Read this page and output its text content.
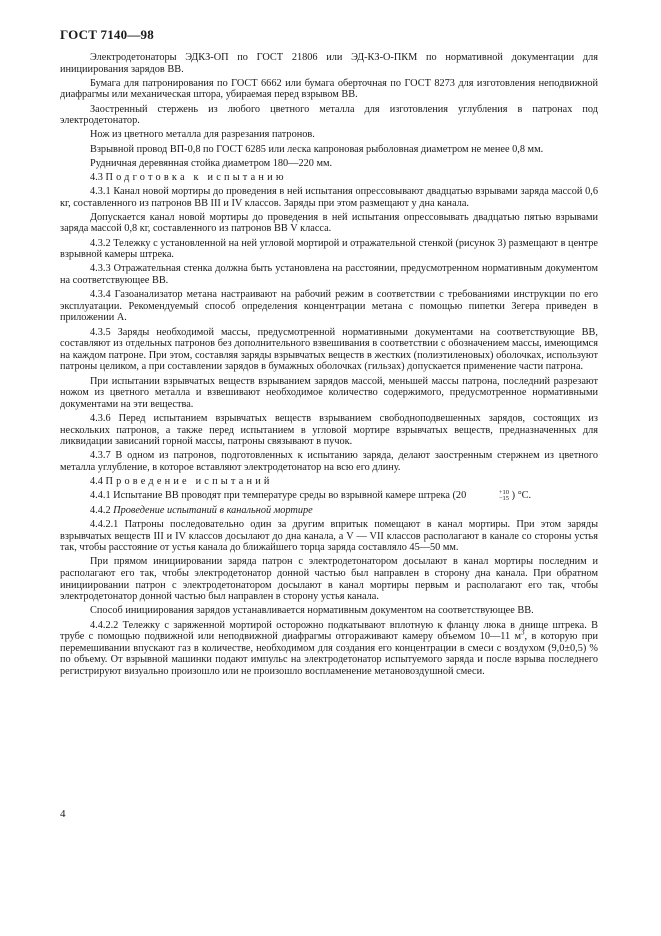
ГОСТ 7140—98

Электродетонаторы ЭДКЗ-ОП по ГОСТ 21806 или ЭД-КЗ-О-ПКМ по нормативной документации для инициирования зарядов ВВ.

Бумага для патронирования по ГОСТ 6662 или бумага оберточная по ГОСТ 8273 для изготовления неподвижной диафрагмы или механическая штора, убираемая перед взрывом ВВ.

Заостренный стержень из любого цветного металла для изготовления углубления в патронах под электродетонатор.

Нож из цветного металла для разрезания патронов.

Взрывной провод ВП-0,8 по ГОСТ 6285 или леска капроновая рыболовная диаметром не менее 0,8 мм.

Рудничная деревянная стойка диаметром 180—220 мм.

4.3 Подготовка к испытанию

4.3.1 Канал новой мортиры до проведения в ней испытания опрессовывают двадцатью взрывами заряда массой 0,6 кг, составленного из патронов ВВ III и IV классов. Заряды при этом размещают у дна канала.

Допускается канал новой мортиры до проведения в ней испытания опрессовывать двадцатью пятью взрывами заряда массой 0,8 кг, составленного из патронов ВВ V класса.

4.3.2 Тележку с установленной на ней угловой мортирой и отражательной стенкой (рисунок 3) размещают в центре взрывной камеры штрека.

4.3.3 Отражательная стенка должна быть установлена на расстоянии, предусмотренном нормативным документом на соответствующее ВВ.

4.3.4 Газоанализатор метана настраивают на рабочий режим в соответствии с требованиями инструкции по его эксплуатации. Рекомендуемый способ определения концентрации метана с помощью пипетки Зегера приведен в приложении А.

4.3.5 Заряды необходимой массы, предусмотренной нормативными документами на соответствующие ВВ, составляют из отдельных патронов без дополнительного взвешивания в соответствии с обозначением массы, имеющимся на каждом патроне. При этом, составляя заряды взрывчатых веществ в жестких (полиэтиленовых) оболочках, используют патроны целиком, а при составлении зарядов в бумажных оболочках (гильзах) допускается применение части патрона.

При испытании взрывчатых веществ взрыванием зарядов массой, меньшей массы патрона, последний разрезают ножом из цветного металла и взвешивают необходимое количество содержимого, предусмотренное нормативными документами на эти вещества.

4.3.6 Перед испытанием взрывчатых веществ взрыванием свободноподвешенных зарядов, состоящих из нескольких патронов, а также перед испытанием в угловой мортире взрывчатых веществ, предназначенных для ликвидации зависаний горной массы, патроны связывают в пучок.

4.3.7 В одном из патронов, подготовленных к испытанию заряда, делают заостренным стержнем из цветного металла углубление, в которое вставляют электродетонатор на всю его длину.

4.4 Проведение испытаний

4.4.1 Испытание ВВ проводят при температуре среды во взрывной камере штрека (20	+10
−15 ) °С.

4.4.2 Проведение испытаний в канальной мортире

4.4.2.1 Патроны последовательно один за другим впритык помещают в канал мортиры. При этом заряды взрывчатых веществ III и IV классов досылают до дна канала, а V — VII классов располагают в канале со стороны устья так, чтобы расстояние от устья канала до ближайшего торца заряда составляло 45—50 мм.

При прямом инициировании заряда патрон с электродетонатором досылают в канал мортиры последним и располагают его так, чтобы электродетонатор донной частью был направлен в сторону дна канала. При обратном инициировании патрон с электродетонатором досылают в канал мортиры первым и располагают его так, чтобы электродетонатор донной частью был направлен в сторону устья канала.

Способ инициирования зарядов устанавливается нормативным документом на соответствующее ВВ.

4.4.2.2 Тележку с заряженной мортирой осторожно подкатывают вплотную к фланцу люка в днище штрека. В трубе с помощью подвижной или неподвижной диафрагмы отгораживают камеру объемом 10—11 $м^3$, в которую при перемешивании впускают газ в количестве, необходимом для создания его концентрации в смеси с воздухом (9,0±0,5) % по объему. От взрывной машинки подают импульс на электродетонатор испытуемого заряда и после взрыва последнего регистрируют визуально произошло или не произошло воспламенение метановоздушной смеси.

4
